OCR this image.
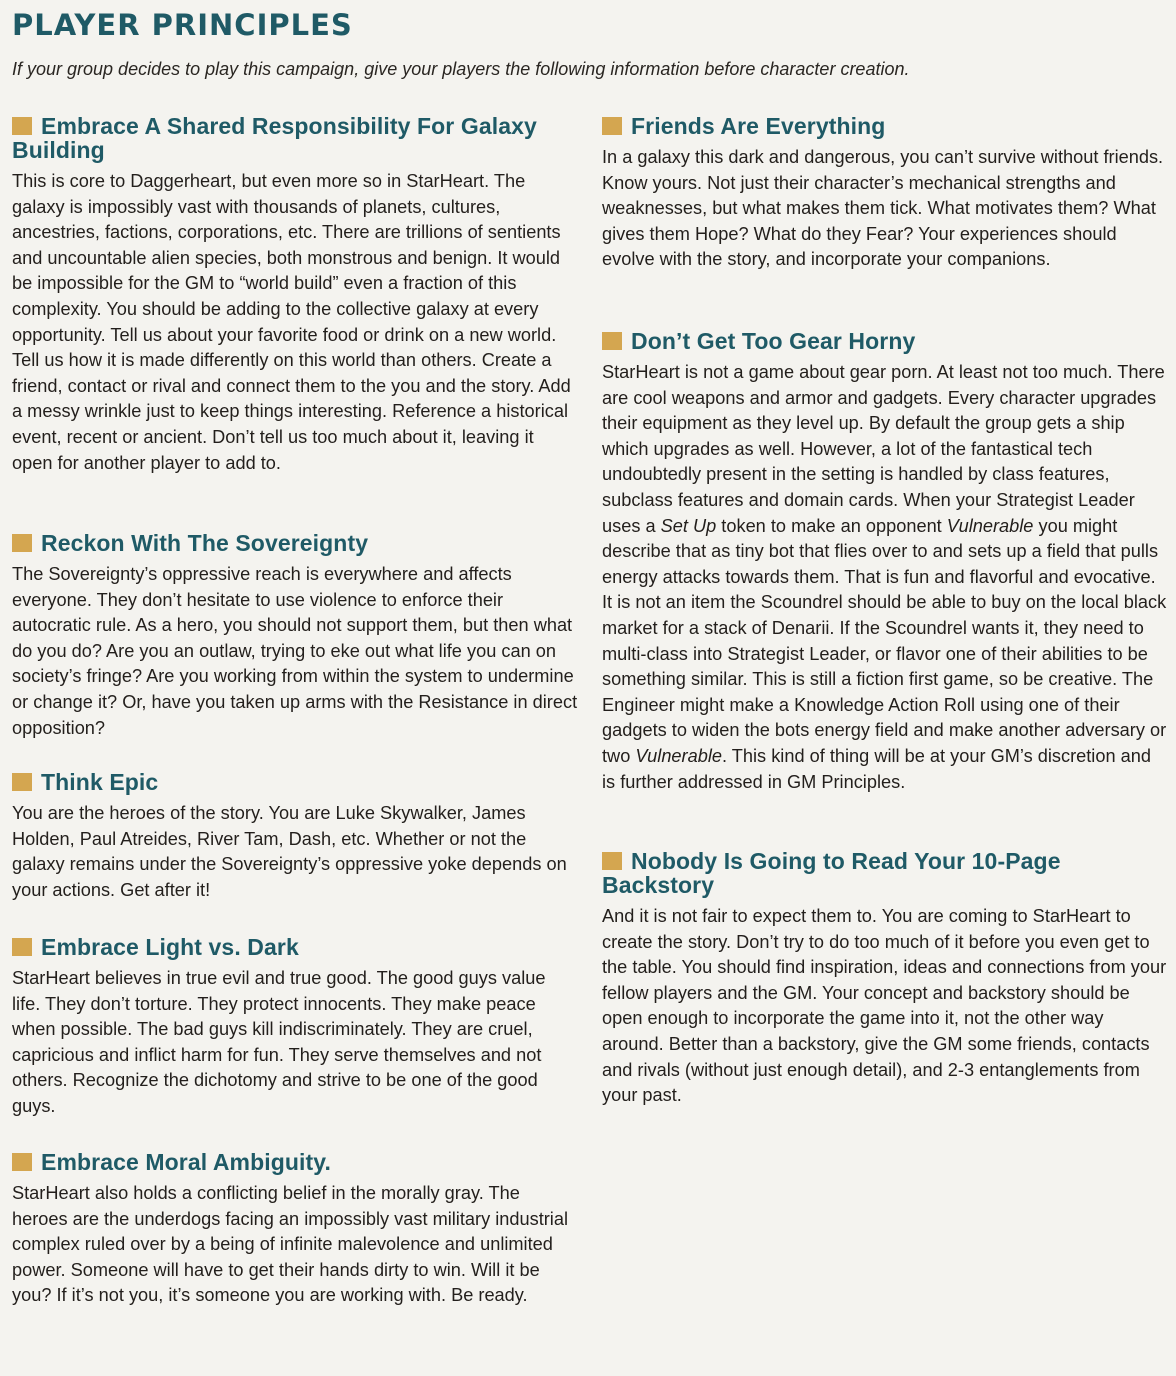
PLAYER PRINCIPLES

If your group decides to play this campaign, give your players the following information before character creation.

Embrace A Shared Responsibility For Galaxy Building

This is core to Daggerheart, but even more so in StarHeart. The galaxy is impossibly vast with thousands of planets, cultures, ancestries, factions, corporations, etc. There are trillions of sentients and uncountable alien species, both monstrous and benign. It would be impossible for the GM to “world build” even a fraction of this complexity. You should be adding to the collective galaxy at every opportunity. Tell us about your favorite food or drink on a new world. Tell us how it is made differently on this world than others. Create a friend, contact or rival and connect them to the you and the story. Add a messy wrinkle just to keep things interesting. Reference a historical event, recent or ancient. Don’t tell us too much about it, leaving it open for another player to add to.

Reckon With The Sovereignty

The Sovereignty’s oppressive reach is everywhere and affects everyone. They don’t hesitate to use violence to enforce their autocratic rule. As a hero, you should not support them, but then what do you do? Are you an outlaw, trying to eke out what life you can on society’s fringe? Are you working from within the system to undermine or change it? Or, have you taken up arms with the Resistance in direct opposition?

Think Epic

You are the heroes of the story. You are Luke Skywalker, James Holden, Paul Atreides, River Tam, Dash, etc. Whether or not the galaxy remains under the Sovereignty’s oppressive yoke depends on your actions. Get after it!

Embrace Light vs. Dark

StarHeart believes in true evil and true good. The good guys value life. They don’t torture. They protect innocents. They make peace when possible. The bad guys kill indiscriminately. They are cruel, capricious and inflict harm for fun. They serve themselves and not others. Recognize the dichotomy and strive to be one of the good guys.

Embrace Moral Ambiguity.

StarHeart also holds a conflicting belief in the morally gray. The heroes are the underdogs facing an impossibly vast military industrial complex ruled over by a being of infinite malevolence and unlimited power. Someone will have to get their hands dirty to win. Will it be you? If it’s not you, it’s someone you are working with. Be ready.

Friends Are Everything

In a galaxy this dark and dangerous, you can’t survive without friends. Know yours. Not just their character’s mechanical strengths and weaknesses, but what makes them tick. What motivates them? What gives them Hope? What do they Fear? Your experiences should evolve with the story, and incorporate your companions.

Don’t Get Too Gear Horny

StarHeart is not a game about gear porn. At least not too much. There are cool weapons and armor and gadgets. Every character upgrades their equipment as they level up. By default the group gets a ship which upgrades as well. However, a lot of the fantastical tech undoubtedly present in the setting is handled by class features, subclass features and domain cards. When your Strategist Leader uses a Set Up token to make an opponent Vulnerable you might describe that as tiny bot that flies over to and sets up a field that pulls energy attacks towards them. That is fun and flavorful and evocative. It is not an item the Scoundrel should be able to buy on the local black market for a stack of Denarii. If the Scoundrel wants it, they need to multi-class into Strategist Leader, or flavor one of their abilities to be something similar. This is still a fiction first game, so be creative. The Engineer might make a Knowledge Action Roll using one of their gadgets to widen the bots energy field and make another adversary or two Vulnerable. This kind of thing will be at your GM’s discretion and is further addressed in GM Principles.

Nobody Is Going to Read Your 10-Page Backstory

And it is not fair to expect them to. You are coming to StarHeart to create the story. Don’t try to do too much of it before you even get to the table. You should find inspiration, ideas and connections from your fellow players and the GM. Your concept and backstory should be open enough to incorporate the game into it, not the other way around. Better than a backstory, give the GM some friends, contacts and rivals (without just enough detail), and 2-3 entanglements from your past.
